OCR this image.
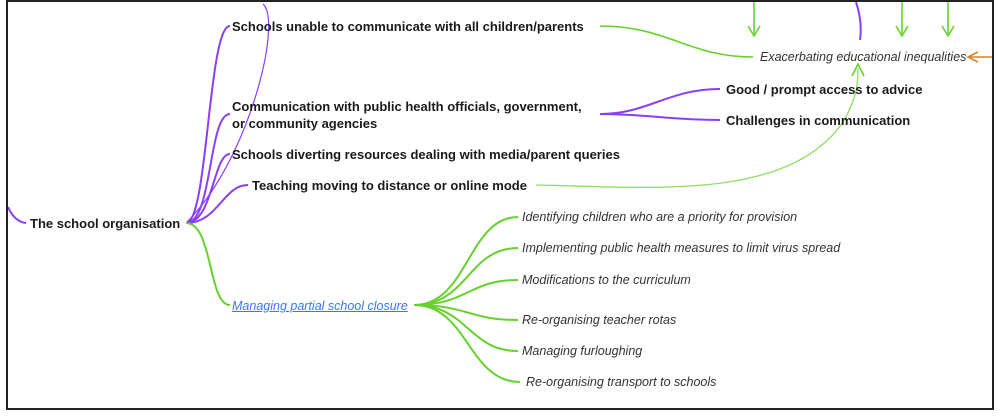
The school organisation
Schools unable to communicate with all children/parents
Communication with public health officials, government,
or community agencies
Schools diverting resources dealing with media/parent queries
Teaching moving to distance or online mode
Managing partial school closure
Good / prompt access to advice
Challenges in communication
Exacerbating educational inequalities
Identifying children who are a priority for provision
Implementing public health measures to limit virus spread
Modifications to the curriculum
Re-organising teacher rotas
Managing furloughing
Re-organising transport to schools
